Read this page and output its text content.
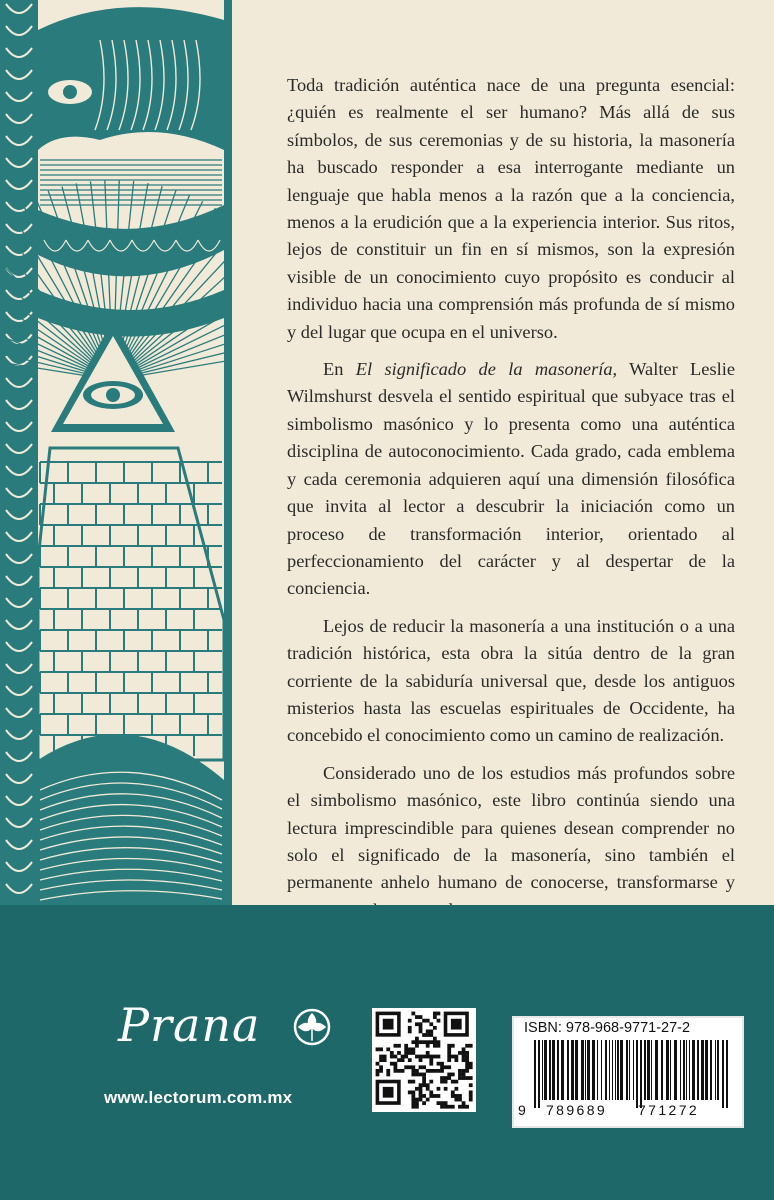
Toda tradición auténtica nace de una pregunta esencial: ¿quién es realmente el ser humano? Más allá de sus símbolos, de sus ceremonias y de su historia, la masonería ha buscado responder a esa interrogante mediante un lenguaje que habla menos a la razón que a la conciencia, menos a la erudición que a la experiencia interior. Sus ritos, lejos de constituir un fin en sí mismos, son la expresión visible de un conocimiento cuyo propósito es conducir al individuo hacia una comprensión más profunda de sí mismo y del lugar que ocupa en el universo.

En El significado de la masonería, Walter Leslie Wilmshurst desvela el sentido espiritual que subyace tras el simbolismo masónico y lo presenta como una auténtica disciplina de autoconocimiento. Cada grado, cada emblema y cada ceremonia adquieren aquí una dimensión filosófica que invita al lector a descubrir la iniciación como un proceso de transformación interior, orientado al perfeccionamiento del carácter y al despertar de la conciencia.

Lejos de reducir la masonería a una institución o a una tradición histórica, esta obra la sitúa dentro de la gran corriente de la sabiduría universal que, desde los antiguos misterios hasta las escuelas espirituales de Occidente, ha concebido el conocimiento como un camino de realización.

Considerado uno de los estudios más profundos sobre el simbolismo masónico, este libro continúa siendo una lectura imprescindible para quienes desean comprender no solo el significado de la masonería, sino también el permanente anhelo humano de conocerse, transformarse y

Prana
www.lectorum.com.mx
ISBN: 978-968-9771-27-2
9 789689 771272
